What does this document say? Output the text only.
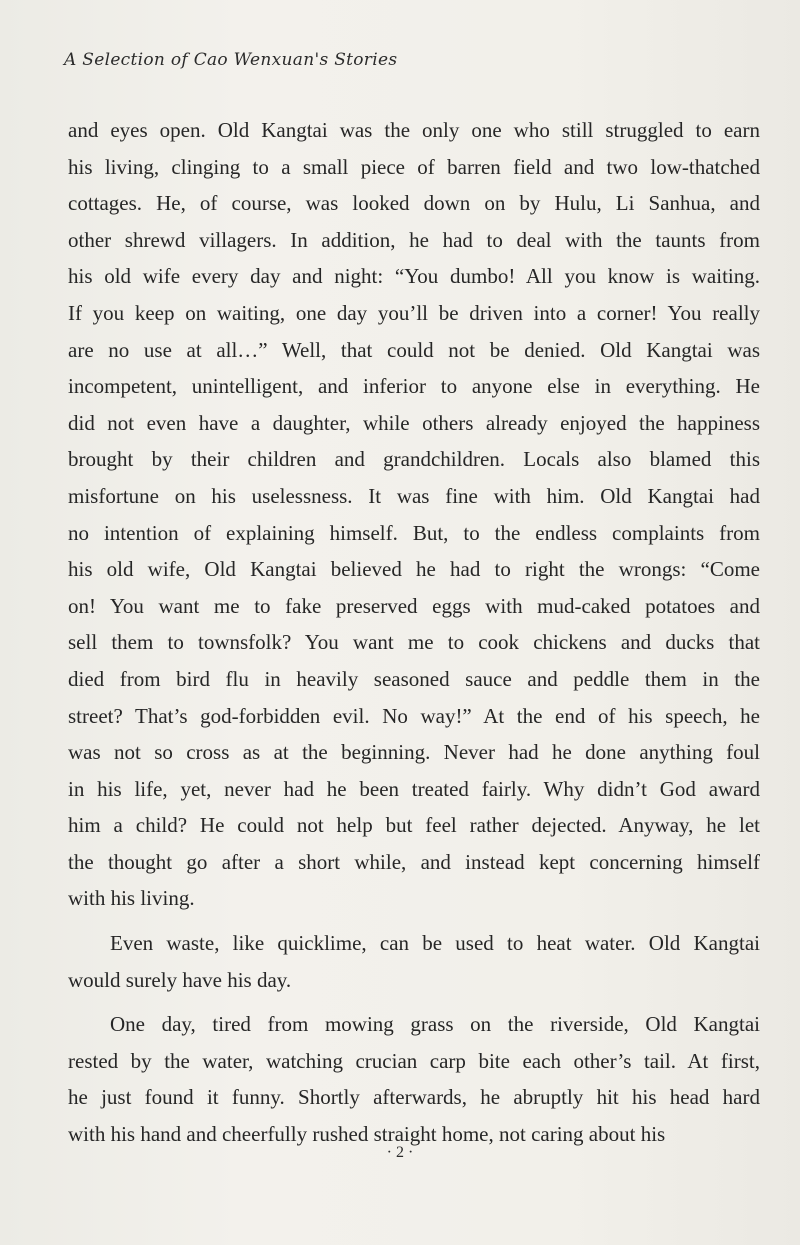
A Selection of Cao Wenxuan's Stories
and eyes open. Old Kangtai was the only one who still struggled to earn
his living, clinging to a small piece of barren field and two low-thatched
cottages. He, of course, was looked down on by Hulu, Li Sanhua, and
other shrewd villagers. In addition, he had to deal with the taunts from
his old wife every day and night: “You dumbo! All you know is waiting.
If you keep on waiting, one day you’ll be driven into a corner! You really
are no use at all…” Well, that could not be denied. Old Kangtai was
incompetent, unintelligent, and inferior to anyone else in everything. He
did not even have a daughter, while others already enjoyed the happiness
brought by their children and grandchildren. Locals also blamed this
misfortune on his uselessness. It was fine with him. Old Kangtai had
no intention of explaining himself. But, to the endless complaints from
his old wife, Old Kangtai believed he had to right the wrongs: “Come
on! You want me to fake preserved eggs with mud-caked potatoes and
sell them to townsfolk? You want me to cook chickens and ducks that
died from bird flu in heavily seasoned sauce and peddle them in the
street? That’s god-forbidden evil. No way!” At the end of his speech, he
was not so cross as at the beginning. Never had he done anything foul
in his life, yet, never had he been treated fairly. Why didn’t God award
him a child? He could not help but feel rather dejected. Anyway, he let
the thought go after a short while, and instead kept concerning himself
with his living.
Even waste, like quicklime, can be used to heat water. Old Kangtai
would surely have his day.
One day, tired from mowing grass on the riverside, Old Kangtai
rested by the water, watching crucian carp bite each other’s tail. At first,
he just found it funny. Shortly afterwards, he abruptly hit his head hard
with his hand and cheerfully rushed straight home, not caring about his
· 2 ·
